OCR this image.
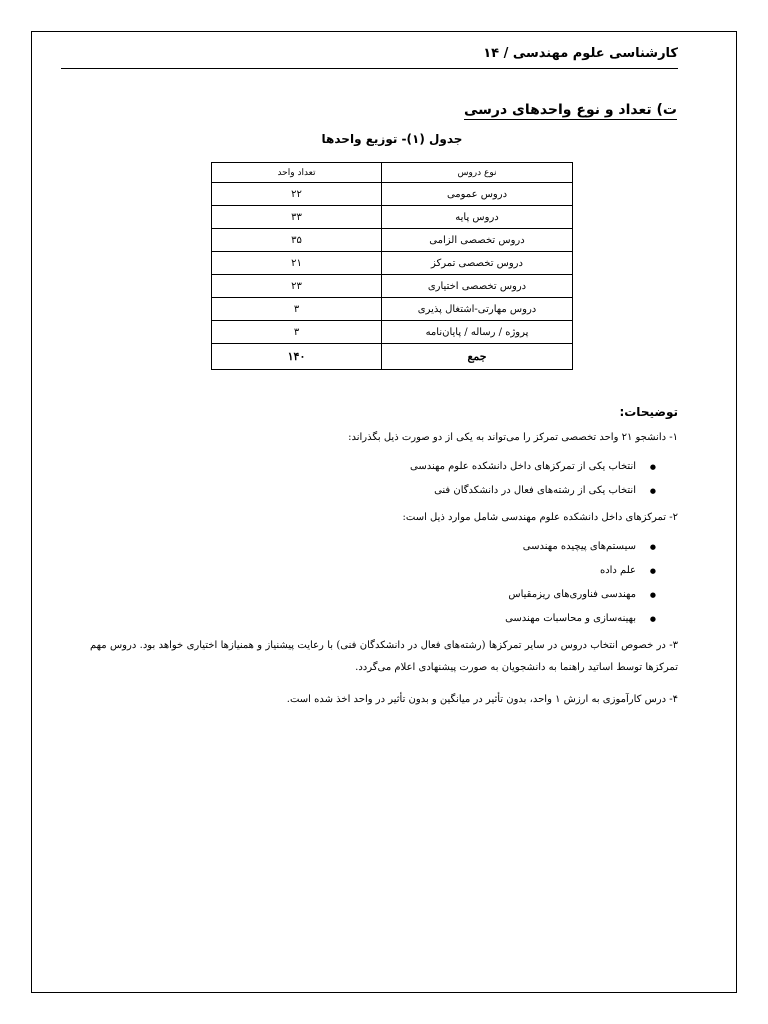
کارشناسی علوم مهندسی / ۱۴
ت) تعداد و نوع واحدهای درسی
جدول (۱)- توزیع واحدها
نوع دروس	تعداد واحد
دروس عمومی	۲۲
دروس پایه	۳۳
دروس تخصصی الزامی	۳۵
دروس تخصصی تمرکز	۲۱
دروس تخصصی اختیاری	۲۳
دروس مهارتی-اشتغال پذیری	۳
پروژه / رساله / پایان‌نامه	۳
جمع	۱۴۰
توضیحات:

۱- دانشجو ۲۱ واحد تخصصی تمرکز را می‌تواند به یکی از دو صورت ذیل بگذراند:

● انتخاب یکی از تمرکزهای داخل دانشکده علوم مهندسی
● انتخاب یکی از رشته‌های فعال در دانشکدگان فنی

۲- تمرکزهای داخل دانشکده علوم مهندسی شامل موارد ذیل است:

● سیستم‌های پیچیده مهندسی
● علم داده
● مهندسی فناوری‌های ریزمقیاس
● بهینه‌سازی و محاسبات مهندسی

۳- در خصوص انتخاب دروس در سایر تمرکزها (رشته‌های فعال در دانشکدگان فنی) با رعایت پیشنیاز و همنیازها اختیاری خواهد بود. دروس مهم تمرکزها توسط اساتید راهنما به دانشجویان به صورت پیشنهادی اعلام می‌گردد.

۴- درس کارآموزی به ارزش ۱ واحد، بدون تأثیر در میانگین و بدون تأثیر در واحد اخذ شده است.
